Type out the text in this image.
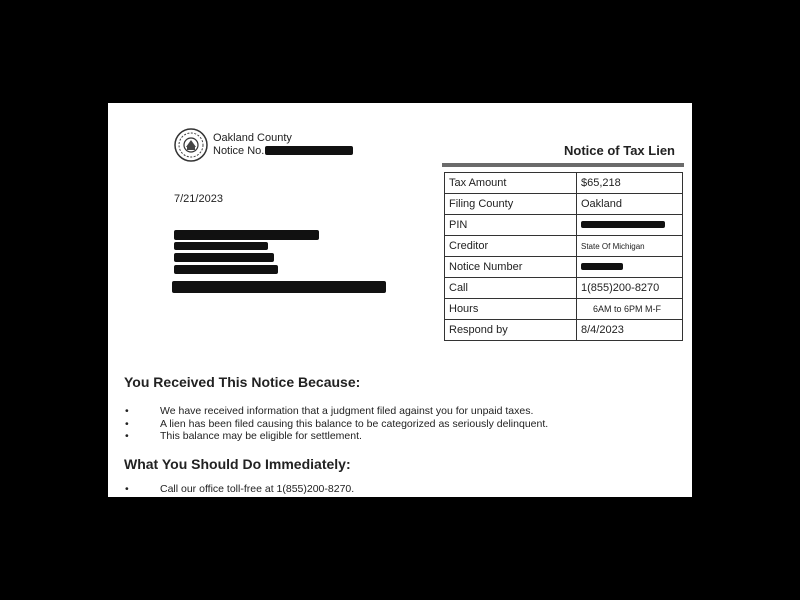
Oakland County
Notice No.
7/21/2023
Notice of Tax Lien
Tax Amount	$65,218
Filing County	Oakland
PIN	
Creditor	State Of Michigan
Notice Number	
Call	1(855)200-8270
Hours	6AM to 6PM M-F
Respond by	8/4/2023
You Received This Notice Because:
•	We have received information that a judgment filed against you for unpaid taxes.
•	A lien has been filed causing this balance to be categorized as seriously delinquent.
•	This balance may be eligible for settlement.
What You Should Do Immediately:
•	Call our office toll-free at 1(855)200-8270.
